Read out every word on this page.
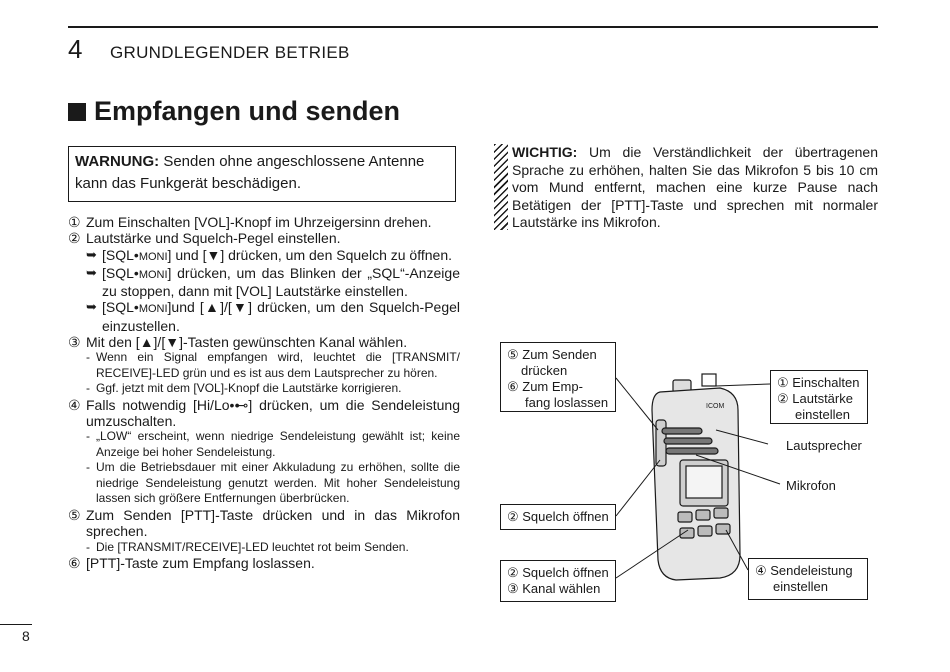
4 GRUNDLEGENDER BETRIEB
Empfangen und senden
WARNUNG: Senden ohne angeschlossene Antenne kann das Funkgerät beschädigen.
① Zum Einschalten [VOL]-Knopf im Uhrzeigersinn drehen.
② Lautstärke und Squelch-Pegel einstellen.
➥ [SQL•MONI] und [▼] drücken, um den Squelch zu öffnen.
➥ [SQL•MONI] drücken, um das Blinken der „SQL“-Anzeige zu stoppen, dann mit [VOL] Lautstärke einstellen.
➥ [SQL•MONI]und [▲]/[▼] drücken, um den Squelch-Pegel einzustellen.
③ Mit den [▲]/[▼]-Tasten gewünschten Kanal wählen.
- Wenn ein Signal empfangen wird, leuchtet die [TRANSMIT/ RECEIVE]-LED grün und es ist aus dem Lautsprecher zu hören.
- Ggf. jetzt mit dem [VOL]-Knopf die Lautstärke korrigieren.
④ Falls notwendig [Hi/Lo•⊷] drücken, um die Sendeleistung umzuschalten.
- „LOW“ erscheint, wenn niedrige Sendeleistung gewählt ist; keine Anzeige bei hoher Sendeleistung.
- Um die Betriebsdauer mit einer Akkuladung zu erhöhen, sollte die niedrige Sendeleistung genutzt werden. Mit hoher Sendeleistung lassen sich größere Entfernungen überbrücken.
⑤ Zum Senden [PTT]-Taste drücken und in das Mikrofon sprechen.
- Die [TRANSMIT/RECEIVE]-LED leuchtet rot beim Senden.
⑥ [PTT]-Taste zum Empfang loslassen.
WICHTIG: Um die Verständlichkeit der übertragenen Sprache zu erhöhen, halten Sie das Mikrofon 5 bis 10 cm vom Mund entfernt, machen eine kurze Pause nach Betätigen der [PTT]-Taste und sprechen mit normaler Lautstärke ins Mikrofon.
ICOM
⑤ Zum Senden
drücken
⑥ Zum Emp-
fang loslassen
① Einschalten
② Lautstärke
einstellen
Lautsprecher
Mikrofon
② Squelch öffnen
② Squelch öffnen
③ Kanal wählen
④ Sendeleistung
einstellen
8
